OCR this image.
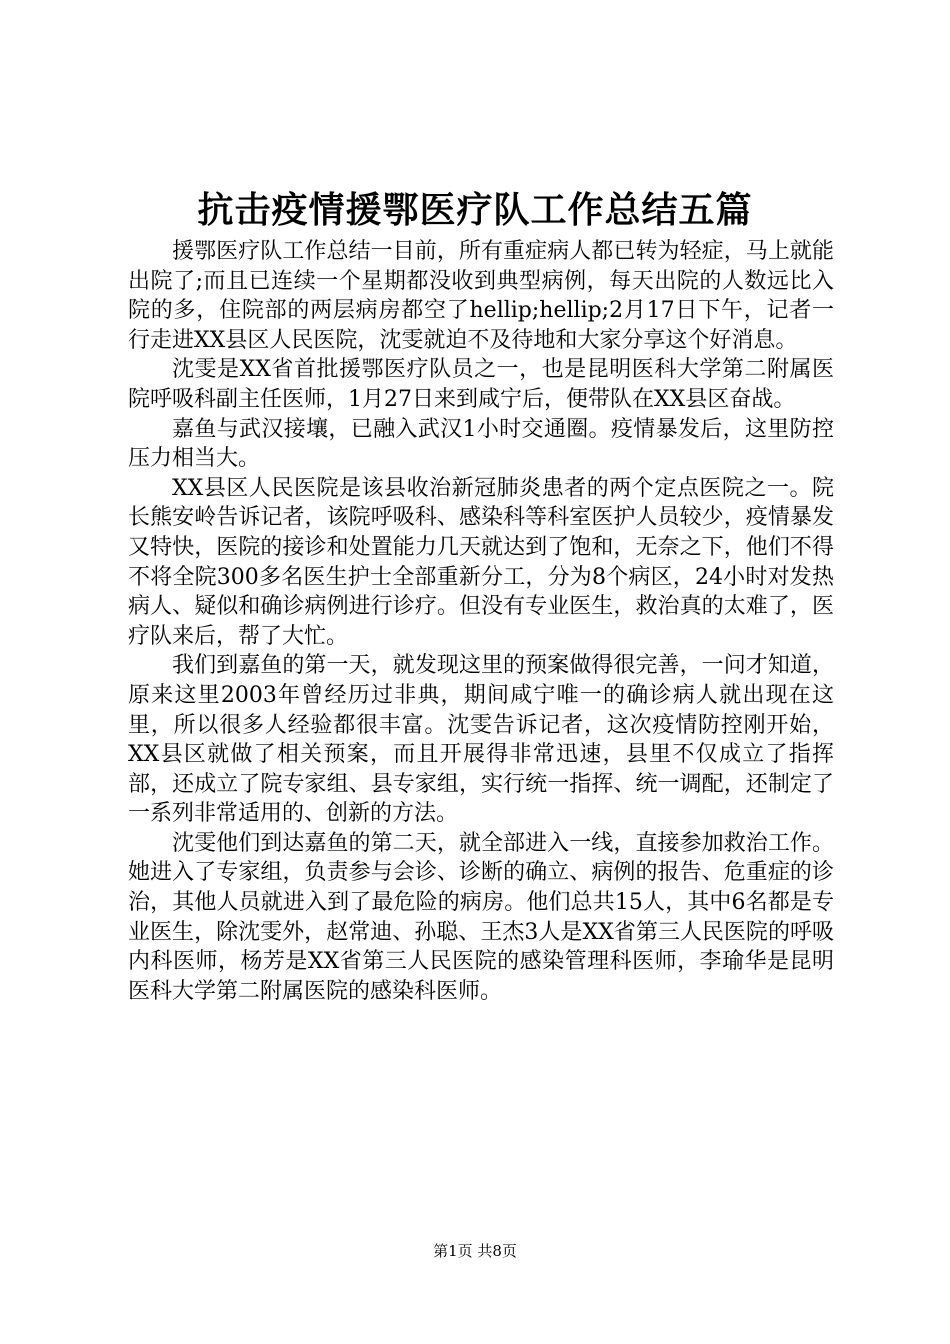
抗击疫情援鄂医疗队工作总结五篇

援鄂医疗队工作总结一目前，所有重症病人都已转为轻症，马上就能出院了;而且已连续一个星期都没收到典型病例，每天出院的人数远比入院的多，住院部的两层病房都空了hellip;hellip;2月17日下午，记者一行走进XX县区人民医院，沈雯就迫不及待地和大家分享这个好消息。

沈雯是XX省首批援鄂医疗队员之一，也是昆明医科大学第二附属医院呼吸科副主任医师，1月27日来到咸宁后，便带队在XX县区奋战。

嘉鱼与武汉接壤，已融入武汉1小时交通圈。疫情暴发后，这里防控压力相当大。

XX县区人民医院是该县收治新冠肺炎患者的两个定点医院之一。院长熊安岭告诉记者，该院呼吸科、感染科等科室医护人员较少，疫情暴发又特快，医院的接诊和处置能力几天就达到了饱和，无奈之下，他们不得不将全院300多名医生护士全部重新分工，分为8个病区，24小时对发热病人、疑似和确诊病例进行诊疗。但没有专业医生，救治真的太难了，医疗队来后，帮了大忙。

我们到嘉鱼的第一天，就发现这里的预案做得很完善，一问才知道，原来这里2003年曾经历过非典，期间咸宁唯一的确诊病人就出现在这里，所以很多人经验都很丰富。沈雯告诉记者，这次疫情防控刚开始，XX县区就做了相关预案，而且开展得非常迅速，县里不仅成立了指挥部，还成立了院专家组、县专家组，实行统一指挥、统一调配，还制定了一系列非常适用的、创新的方法。

沈雯他们到达嘉鱼的第二天，就全部进入一线，直接参加救治工作。她进入了专家组，负责参与会诊、诊断的确立、病例的报告、危重症的诊治，其他人员就进入到了最危险的病房。他们总共15人，其中6名都是专业医生，除沈雯外，赵常迪、孙聪、王杰3人是XX省第三人民医院的呼吸内科医师，杨芳是XX省第三人民医院的感染管理科医师，李瑜华是昆明医科大学第二附属医院的感染科医师。

第1页 共8页
